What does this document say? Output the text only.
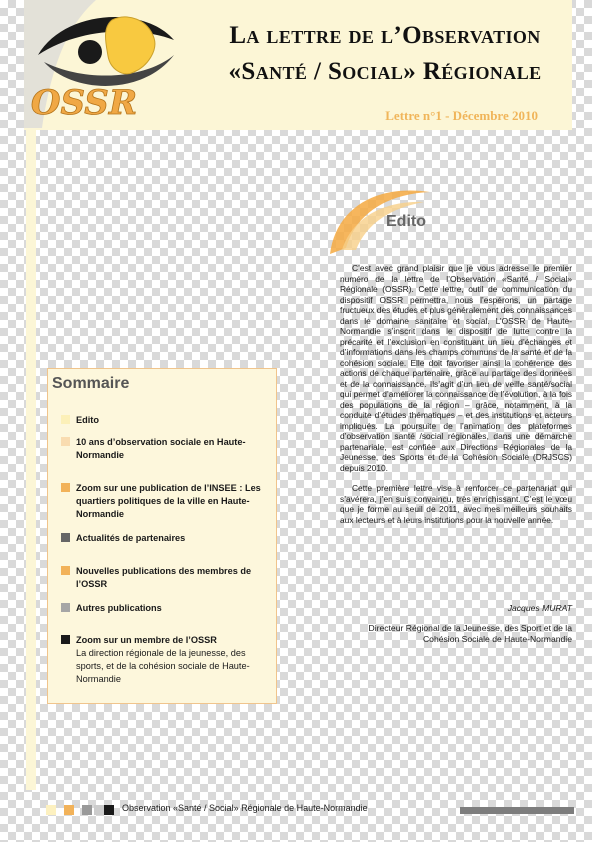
OSSR
La lettre de l’Observation
«Santé / Social» Régionale
Lettre n°1 - Décembre 2010
Edito

C’est avec grand plaisir que je vous adresse le premier numéro de la lettre de l’Observation «Santé / Social» Régionale (OSSR). Cette lettre, outil de communication du dispositif OSSR permettra, nous l’espérons, un partage fructueux des études et plus généralement des connaissances dans le domaine sanitaire et social. L’OSSR de Haute-Normandie s’inscrit dans le dispositif de lutte contre la précarité et l’exclusion en constituant un lieu d’échanges et d’informations dans les champs communs de la santé et de la cohésion sociale. Elle doit favoriser ainsi la cohérence des actions de chaque partenaire, grâce au partage des données et de la connaissance. Ils’agit d’un lieu de veille santé/social qui permet d’améliorer la connaissance de l’évolution, à la fois des populations de la région – grâce, notamment, à la conduite d’études thématiques – et des institutions et acteurs impliqués. La poursuite de l’animation des plateformes d’observation santé /social régionales, dans une démarche partenariale, est confiée aux Directions Régionales de la Jeunesse, des Sports et de la Cohésion Sociale (DRJSCS) depuis 2010.

Cette première lettre vise à renforcer ce partenariat qui s’avérera, j’en suis convaincu, très enrichissant. C’est le vœu que je forme au seuil de 2011, avec mes meilleurs souhaits aux lecteurs et à leurs institutions pour la nouvelle année.

Jacques MURAT
Directeur Régional de la Jeunesse, des Sport et de la Cohésion Sociale de Haute-Normandie
Sommaire
Edito
10 ans d’observation sociale en Haute-Normandie
Zoom sur une publication de l’INSEE : Les quartiers politiques de la ville en Haute-Normandie
Actualités de partenaires
Nouvelles publications des membres de l’OSSR
Autres publications
Zoom sur un membre de l’OSSR
La direction régionale de la jeunesse, des sports, et de la cohésion sociale de Haute-Normandie
Observation «Santé / Social» Régionale de Haute-Normandie
